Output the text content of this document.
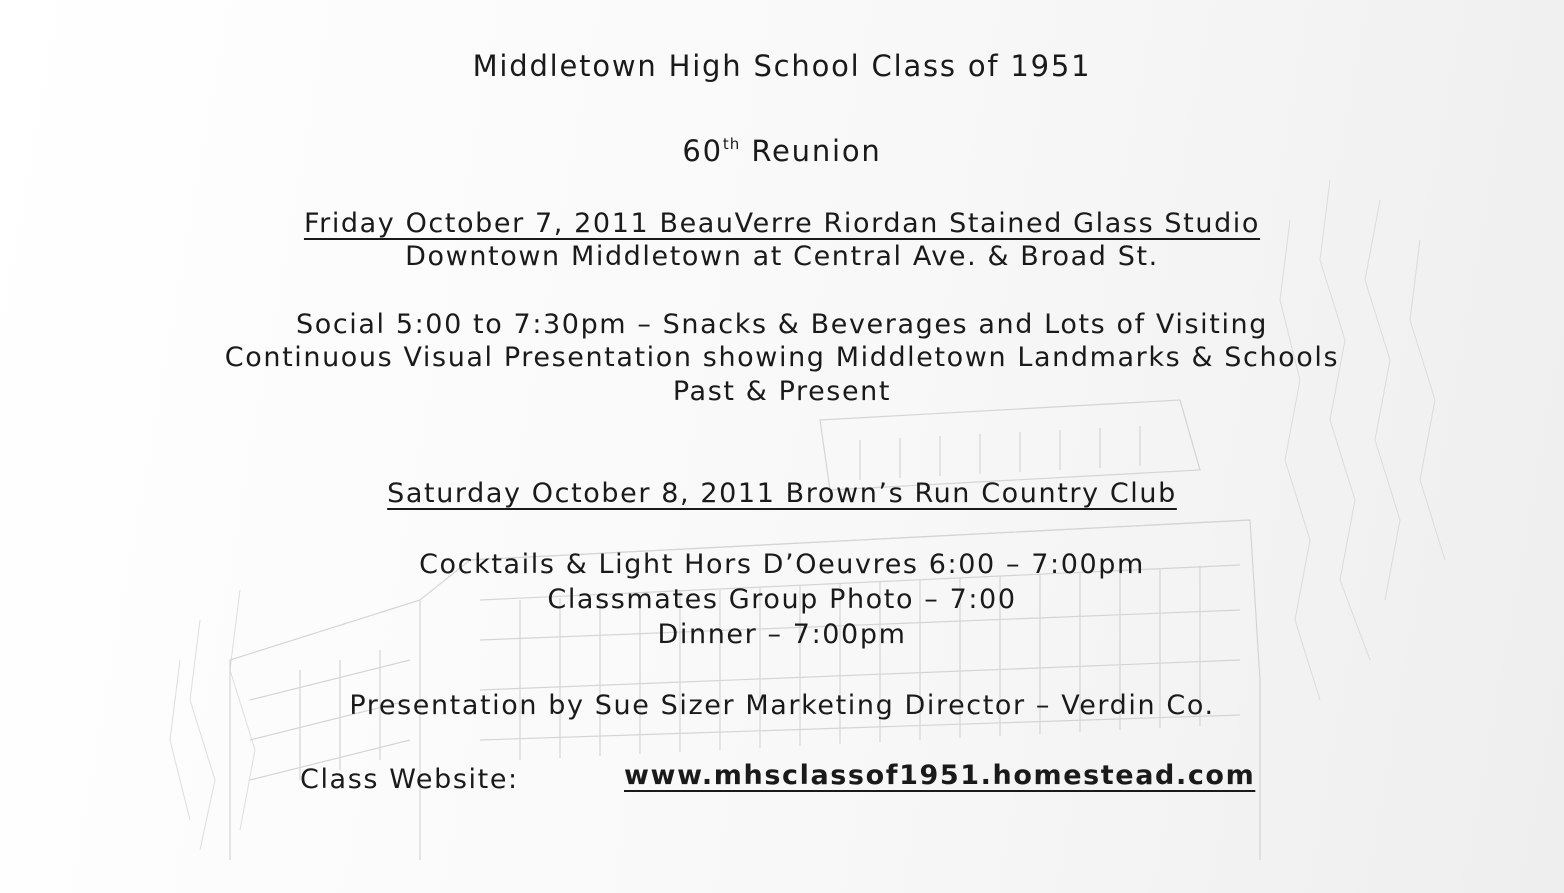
Middletown High School Class of 1951
60th Reunion
Friday October 7, 2011 BeauVerre Riordan Stained Glass Studio
Downtown Middletown at Central Ave. & Broad St.
Social 5:00 to 7:30pm – Snacks & Beverages and Lots of Visiting
Continuous Visual Presentation showing Middletown Landmarks & Schools
Past & Present
Saturday October 8, 2011 Brown’s Run Country Club
Cocktails & Light Hors D’Oeuvres 6:00 – 7:00pm
Classmates Group Photo – 7:00
Dinner – 7:00pm
Presentation by Sue Sizer Marketing Director – Verdin Co.
Class Website:	www.mhsclassof1951.homestead.com
